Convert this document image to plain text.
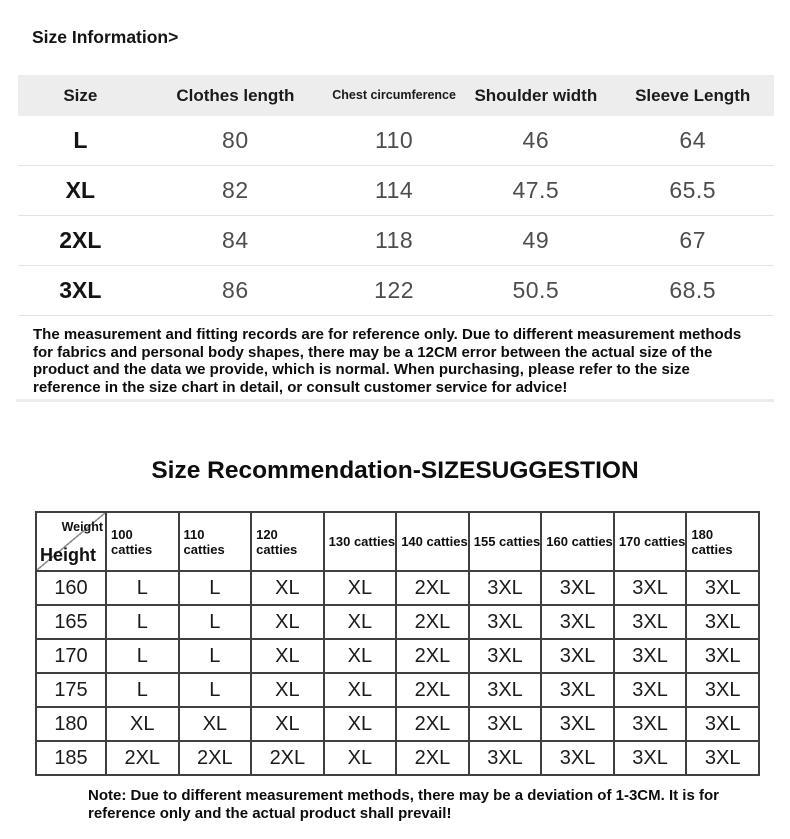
Size Information>
Size	Clothes length	Chest circumference	Shoulder width	Sleeve Length
L	80	110	46	64
XL	82	114	47.5	65.5
2XL	84	118	49	67
3XL	86	122	50.5	68.5

The measurement and fitting records are for reference only. Due to different measurement methods for fabrics and personal body shapes, there may be a 12CM error between the actual size of the product and the data we provide, which is normal. When purchasing, please refer to the size reference in the size chart in detail, or consult customer service for advice!

Size Recommendation-SIZESUGGESTION
Weight
Height	100 catties	110 catties	120 catties	130 catties	140 catties	155 catties	160 catties	170 catties	180 catties
160	L	L	XL	XL	2XL	3XL	3XL	3XL	3XL
165	L	L	XL	XL	2XL	3XL	3XL	3XL	3XL
170	L	L	XL	XL	2XL	3XL	3XL	3XL	3XL
175	L	L	XL	XL	2XL	3XL	3XL	3XL	3XL
180	XL	XL	XL	XL	2XL	3XL	3XL	3XL	3XL
185	2XL	2XL	2XL	XL	2XL	3XL	3XL	3XL	3XL

Note: Due to different measurement methods, there may be a deviation of 1-3CM. It is for reference only and the actual product shall prevail!
